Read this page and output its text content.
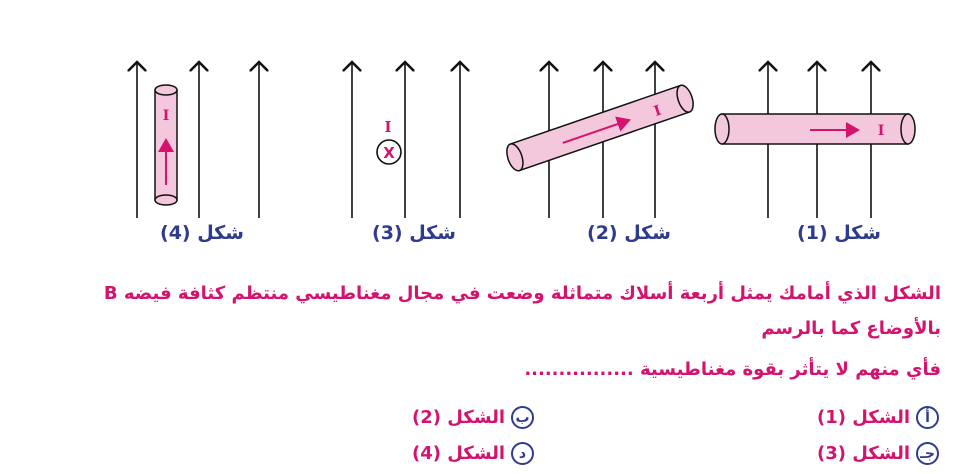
I
I
X
I
I
شكل (4)	شكل (3)	شكل (2)	شكل (1)
الشكل الذي أمامك يمثل أربعة أسلاك متماثلة وضعت في مجال مغناطيسي منتظم كثافة فيضه B
بالأوضاع كما بالرسم
فأي منهم لا يتأثر بقوة مغناطيسية ................
أ
الشكل (1)
ب
الشكل (2)
جـ
الشكل (3)
د
الشكل (4)
